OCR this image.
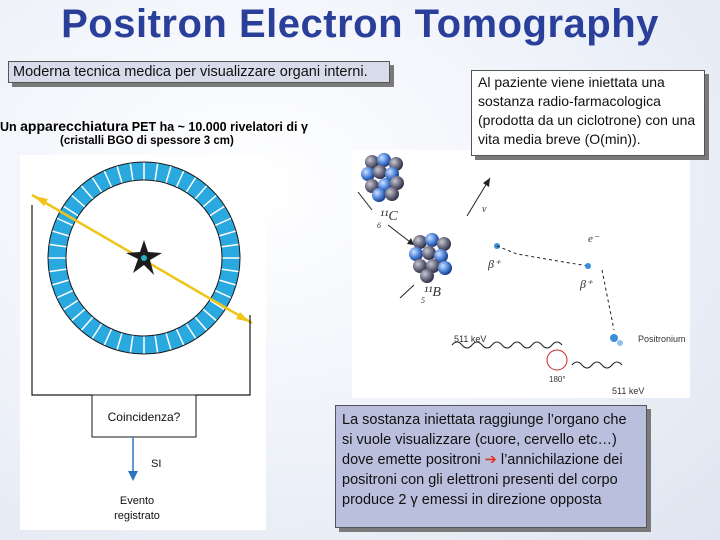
Positron Electron Tomography
Moderna tecnica medica per visualizzare organi interni.
Un apparecchiatura PET ha ~ 10.000 rivelatori di γ
(cristalli BGO di spessore 3 cm)
Coincidenza?
SI
Evento
registrato
¹¹C
6
¹¹B
5
ν
β⁺
β⁺
e⁻
Positronium
511 keV
511 keV
180°
Al paziente viene iniettata una sostanza radio-farmacologica (prodotta da un ciclotrone) con una vita media breve (O(min)).
La sostanza iniettata raggiunge l’organo che si vuole visualizzare (cuore, cervello etc…) dove emette positroni ➔ l’annichilazione dei positroni con gli elettroni presenti del corpo produce 2 γ emessi in direzione opposta
